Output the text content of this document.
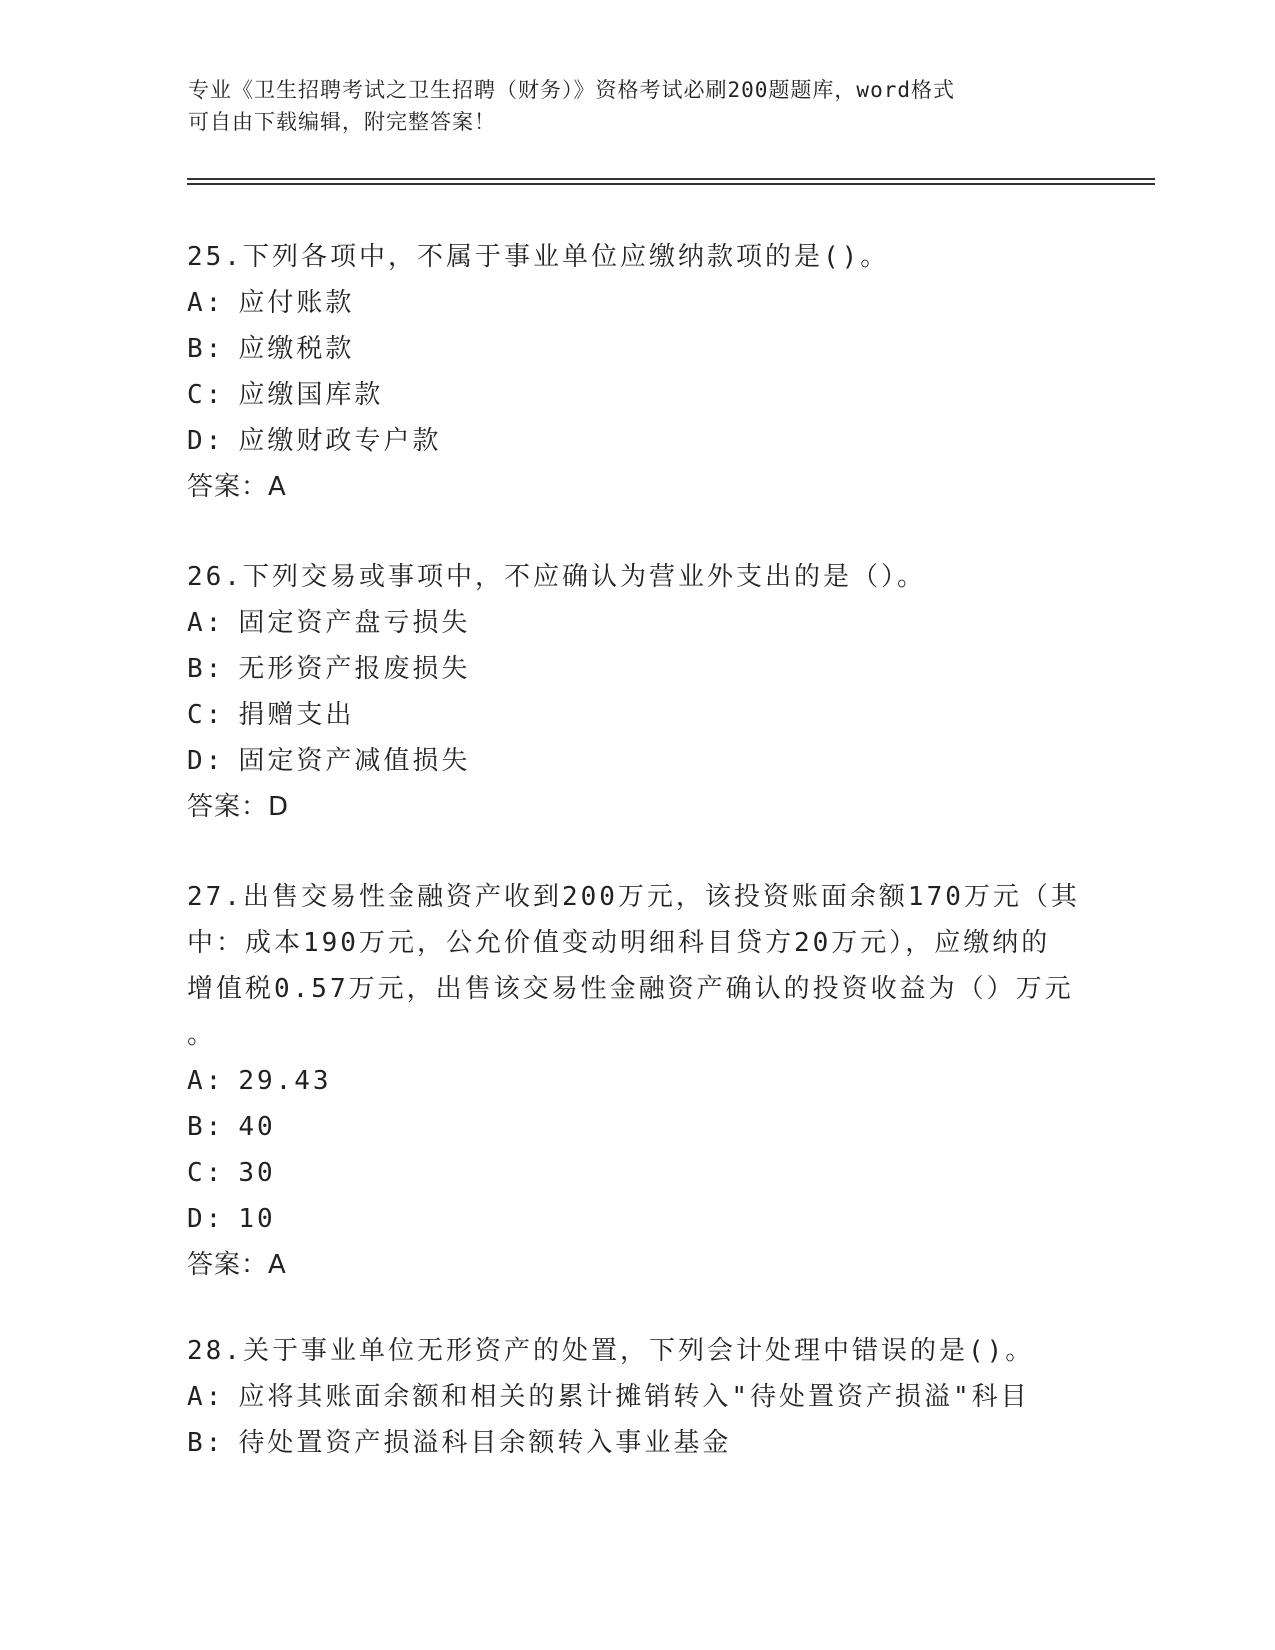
专业《卫生招聘考试之卫生招聘（财务）》资格考试必刷200题题库，word格式
可自由下载编辑，附完整答案！
25.下列各项中，不属于事业单位应缴纳款项的是()。
A: 应付账款
B: 应缴税款
C: 应缴国库款
D: 应缴财政专户款
答案：A
26.下列交易或事项中，不应确认为营业外支出的是（）。
A: 固定资产盘亏损失
B: 无形资产报废损失
C: 捐赠支出
D: 固定资产减值损失
答案：D
27.出售交易性金融资产收到200万元，该投资账面余额170万元（其
中：成本190万元，公允价值变动明细科目贷方20万元），应缴纳的
增值税0.57万元，出售该交易性金融资产确认的投资收益为（）万元
。
A: 29.43
B: 40
C: 30
D: 10
答案：A
28.关于事业单位无形资产的处置，下列会计处理中错误的是()。
A: 应将其账面余额和相关的累计摊销转入"待处置资产损溢"科目
B: 待处置资产损溢科目余额转入事业基金
